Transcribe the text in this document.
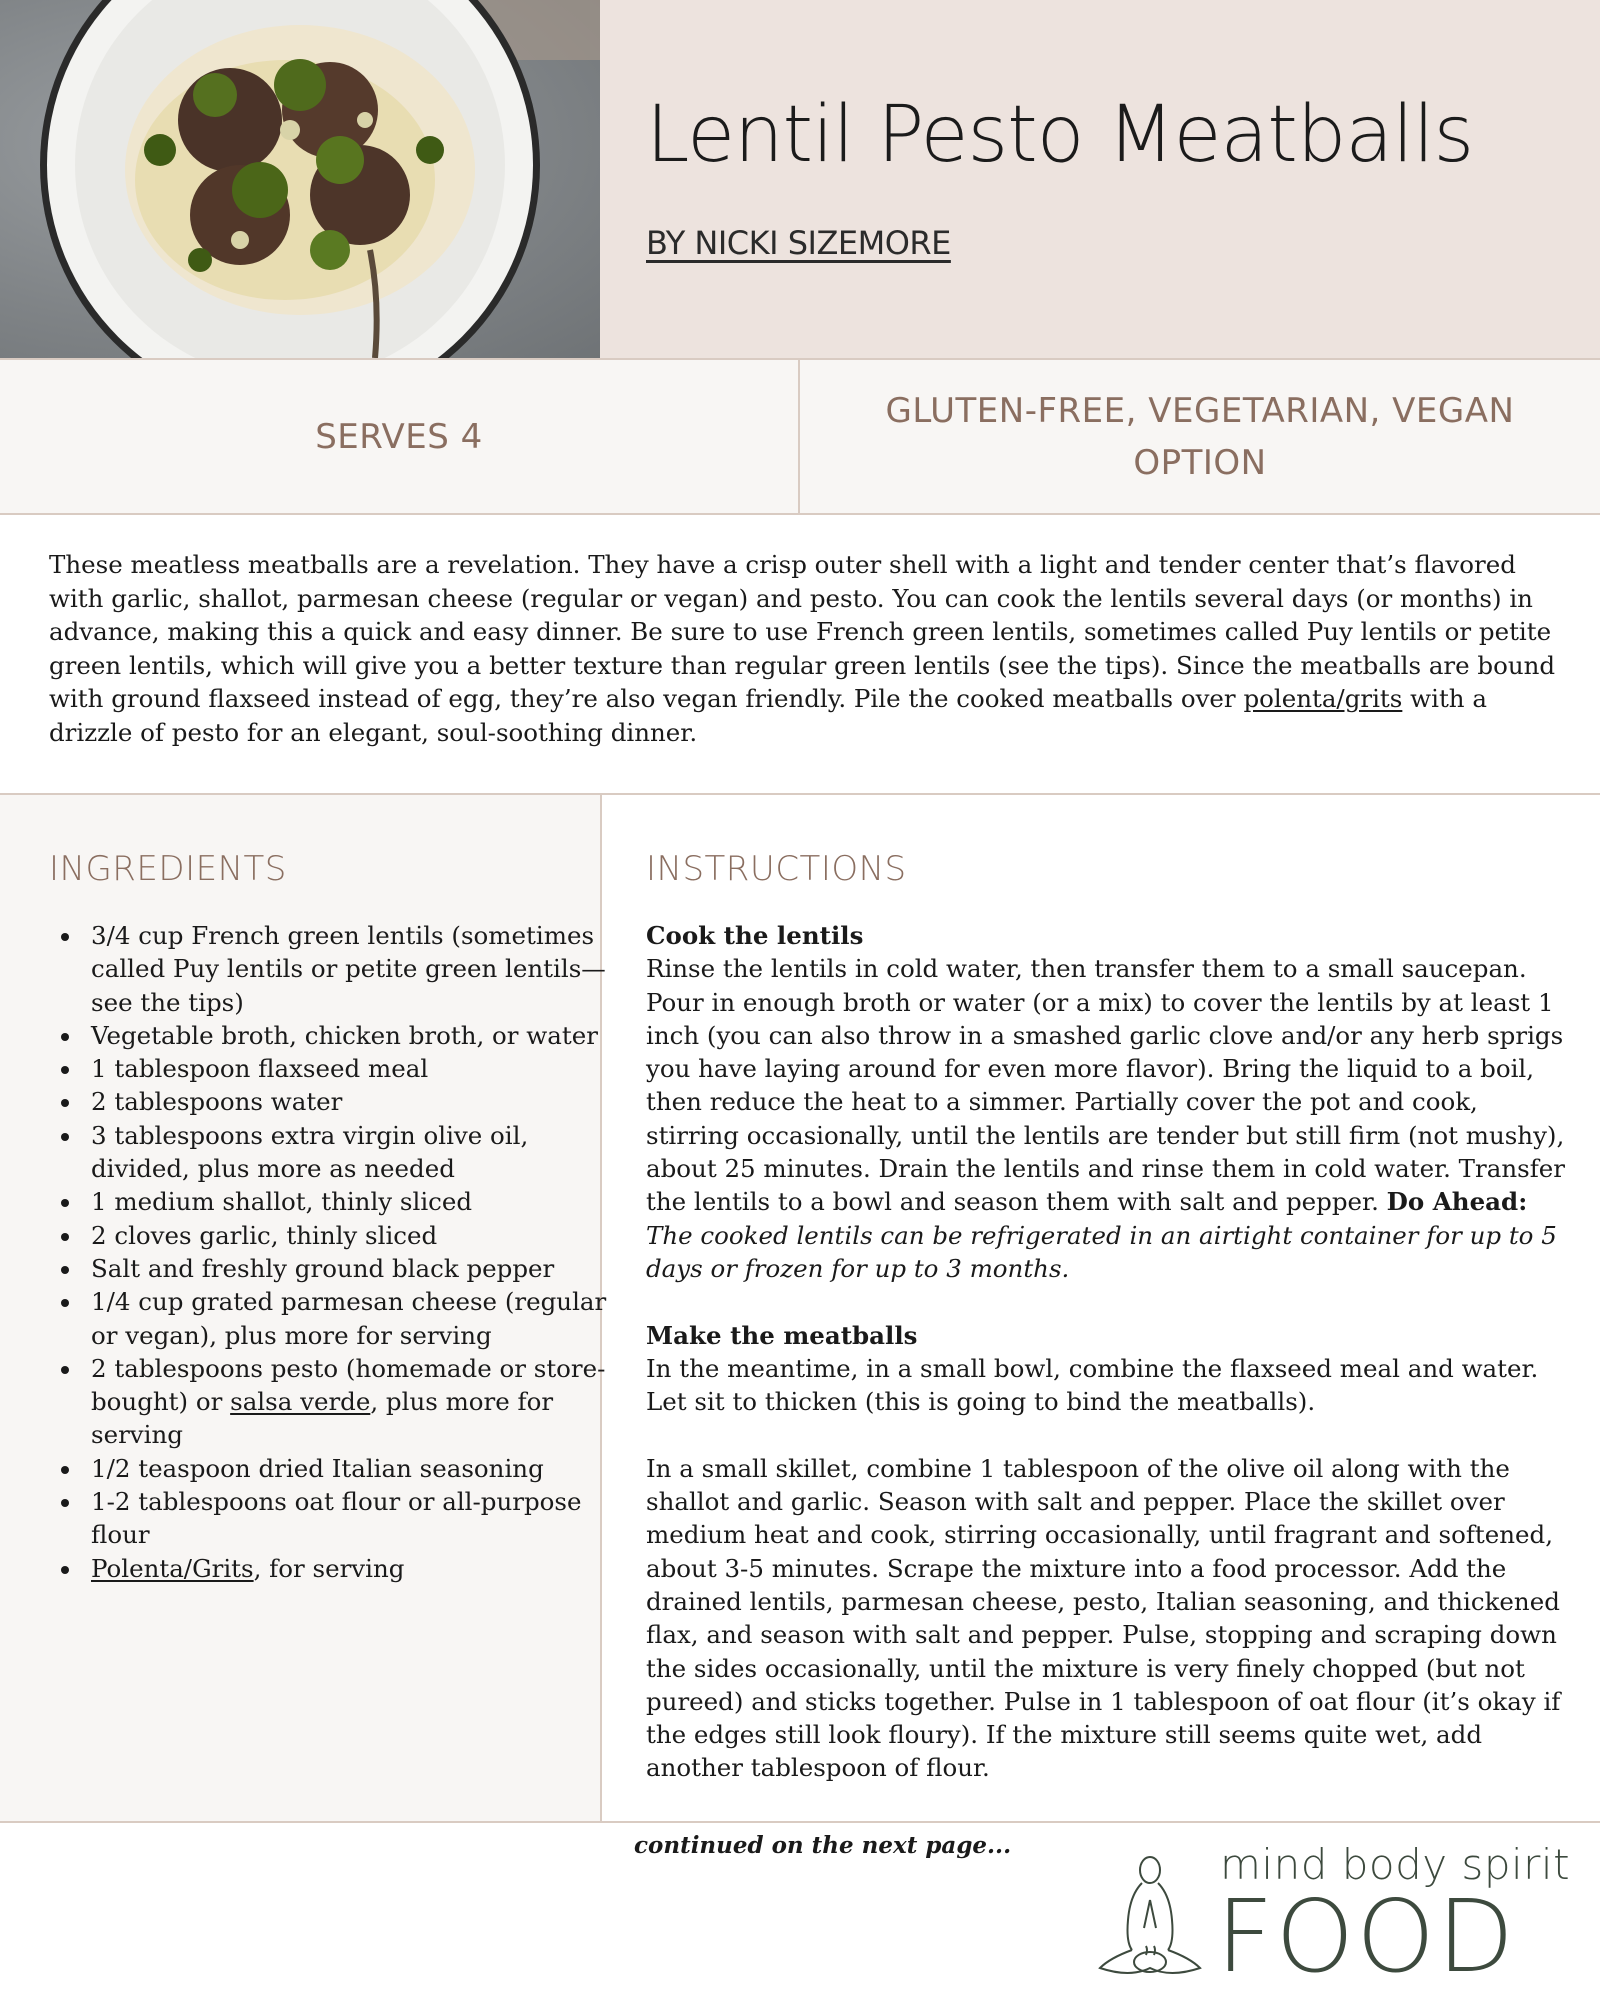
Lentil Pesto Meatballs
BY NICKI SIZEMORE
SERVES 4
GLUTEN-FREE, VEGETARIAN, VEGAN OPTION

These meatless meatballs are a revelation. They have a crisp outer shell with a light and tender center that’s flavored with garlic, shallot, parmesan cheese (regular or vegan) and pesto. You can cook the lentils several days (or months) in advance, making this a quick and easy dinner. Be sure to use French green lentils, sometimes called Puy lentils or petite green lentils, which will give you a better texture than regular green lentils (see the tips). Since the meatballs are bound with ground flaxseed instead of egg, they’re also vegan friendly. Pile the cooked meatballs over polenta/grits with a drizzle of pesto for an elegant, soul-soothing dinner.

INGREDIENTS
3/4 cup French green lentils (sometimes called Puy lentils or petite green lentils—see the tips)
Vegetable broth, chicken broth, or water
1 tablespoon flaxseed meal
2 tablespoons water
3 tablespoons extra virgin olive oil, divided, plus more as needed
1 medium shallot, thinly sliced
2 cloves garlic, thinly sliced
Salt and freshly ground black pepper
1/4 cup grated parmesan cheese (regular or vegan), plus more for serving
2 tablespoons pesto (homemade or store-bought) or salsa verde, plus more for serving
1/2 teaspoon dried Italian seasoning
1-2 tablespoons oat flour or all-purpose flour
Polenta/Grits, for serving
INSTRUCTIONS

Cook the lentils
Rinse the lentils in cold water, then transfer them to a small saucepan. Pour in enough broth or water (or a mix) to cover the lentils by at least 1 inch (you can also throw in a smashed garlic clove and/or any herb sprigs you have laying around for even more flavor). Bring the liquid to a boil, then reduce the heat to a simmer. Partially cover the pot and cook, stirring occasionally, until the lentils are tender but still firm (not mushy), about 25 minutes. Drain the lentils and rinse them in cold water. Transfer the lentils to a bowl and season them with salt and pepper. Do Ahead: The cooked lentils can be refrigerated in an airtight container for up to 5 days or frozen for up to 3 months.

Make the meatballs
In the meantime, in a small bowl, combine the flaxseed meal and water. Let sit to thicken (this is going to bind the meatballs).

In a small skillet, combine 1 tablespoon of the olive oil along with the shallot and garlic. Season with salt and pepper. Place the skillet over medium heat and cook, stirring occasionally, until fragrant and softened, about 3-5 minutes. Scrape the mixture into a food processor. Add the drained lentils, parmesan cheese, pesto, Italian seasoning, and thickened flax, and season with salt and pepper. Pulse, stopping and scraping down the sides occasionally, until the mixture is very finely chopped (but not pureed) and sticks together. Pulse in 1 tablespoon of oat flour (it’s okay if the edges still look floury). If the mixture still seems quite wet, add another tablespoon of flour.

continued on the next page...	mind body spirit
FOOD
